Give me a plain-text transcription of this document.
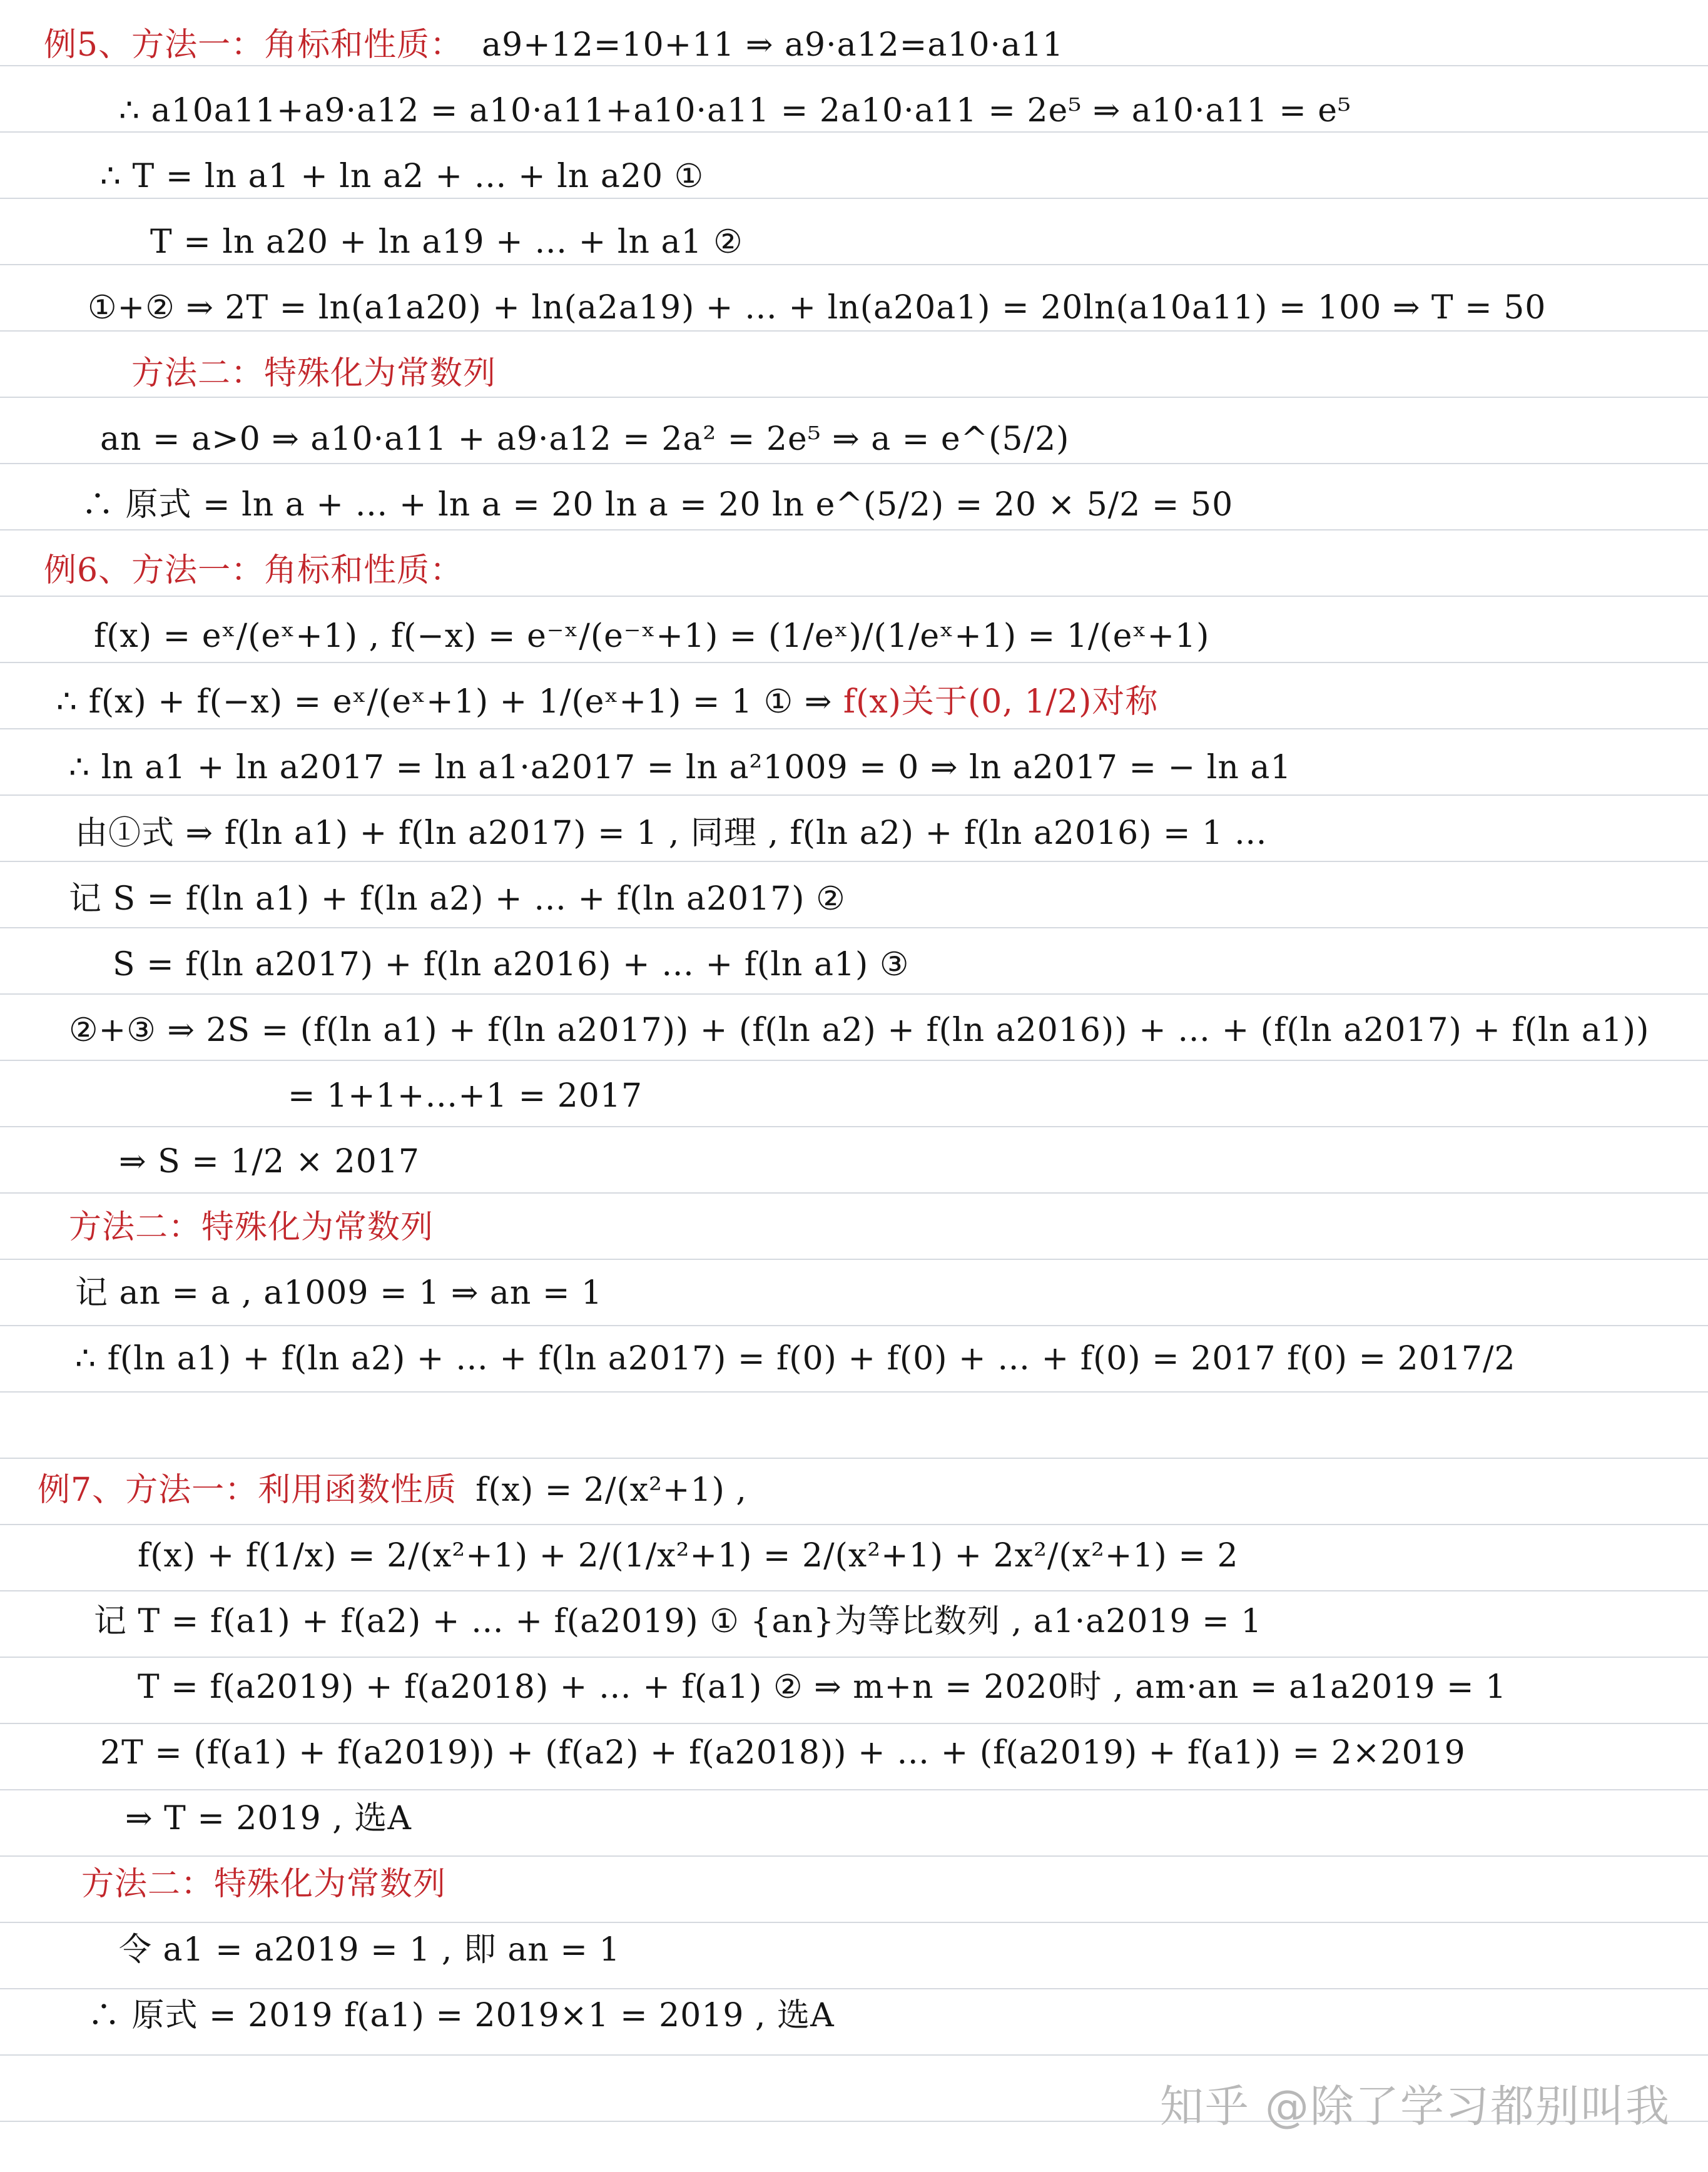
例5、方法一：角标和性质： a9+12=10+11 ⇒ a9·a12=a10·a11
∴ a10a11+a9·a12 = a10·a11+a10·a11 = 2a10·a11 = 2e⁵ ⇒ a10·a11 = e⁵
∴ T = ln a1 + ln a2 + … + ln a20 ①
T = ln a20 + ln a19 + … + ln a1 ②
①+② ⇒ 2T = ln(a1a20) + ln(a2a19) + … + ln(a20a1) = 20ln(a10a11) = 100 ⇒ T = 50
方法二：特殊化为常数列
an = a>0 ⇒ a10·a11 + a9·a12 = 2a² = 2e⁵ ⇒ a = e^(5/2)
∴ 原式 = ln a + … + ln a = 20 ln a = 20 ln e^(5/2) = 20 × 5/2 = 50
例6、方法一：角标和性质：
f(x) = eˣ/(eˣ+1) , f(−x) = e⁻ˣ/(e⁻ˣ+1) = (1/eˣ)/(1/eˣ+1) = 1/(eˣ+1)
∴ f(x) + f(−x) = eˣ/(eˣ+1) + 1/(eˣ+1) = 1 ① ⇒ f(x)关于(0, 1/2)对称
∴ ln a1 + ln a2017 = ln a1·a2017 = ln a²1009 = 0 ⇒ ln a2017 = − ln a1
由①式 ⇒ f(ln a1) + f(ln a2017) = 1 , 同理 , f(ln a2) + f(ln a2016) = 1 …
记 S = f(ln a1) + f(ln a2) + … + f(ln a2017) ②
S = f(ln a2017) + f(ln a2016) + … + f(ln a1) ③
②+③ ⇒ 2S = (f(ln a1) + f(ln a2017)) + (f(ln a2) + f(ln a2016)) + … + (f(ln a2017) + f(ln a1))
= 1+1+…+1 = 2017
⇒ S = 1/2 × 2017
方法二：特殊化为常数列
记 an = a , a1009 = 1 ⇒ an = 1
∴ f(ln a1) + f(ln a2) + … + f(ln a2017) = f(0) + f(0) + … + f(0) = 2017 f(0) = 2017/2
例7、方法一：利用函数性质 f(x) = 2/(x²+1) ,
f(x) + f(1/x) = 2/(x²+1) + 2/(1/x²+1) = 2/(x²+1) + 2x²/(x²+1) = 2
记 T = f(a1) + f(a2) + … + f(a2019) ① {an}为等比数列 , a1·a2019 = 1
T = f(a2019) + f(a2018) + … + f(a1) ② ⇒ m+n = 2020时 , am·an = a1a2019 = 1
2T = (f(a1) + f(a2019)) + (f(a2) + f(a2018)) + … + (f(a2019) + f(a1)) = 2×2019
⇒ T = 2019 , 选A
方法二：特殊化为常数列
令 a1 = a2019 = 1 , 即 an = 1
∴ 原式 = 2019 f(a1) = 2019×1 = 2019 , 选A
知乎 @除了学习都别叫我
